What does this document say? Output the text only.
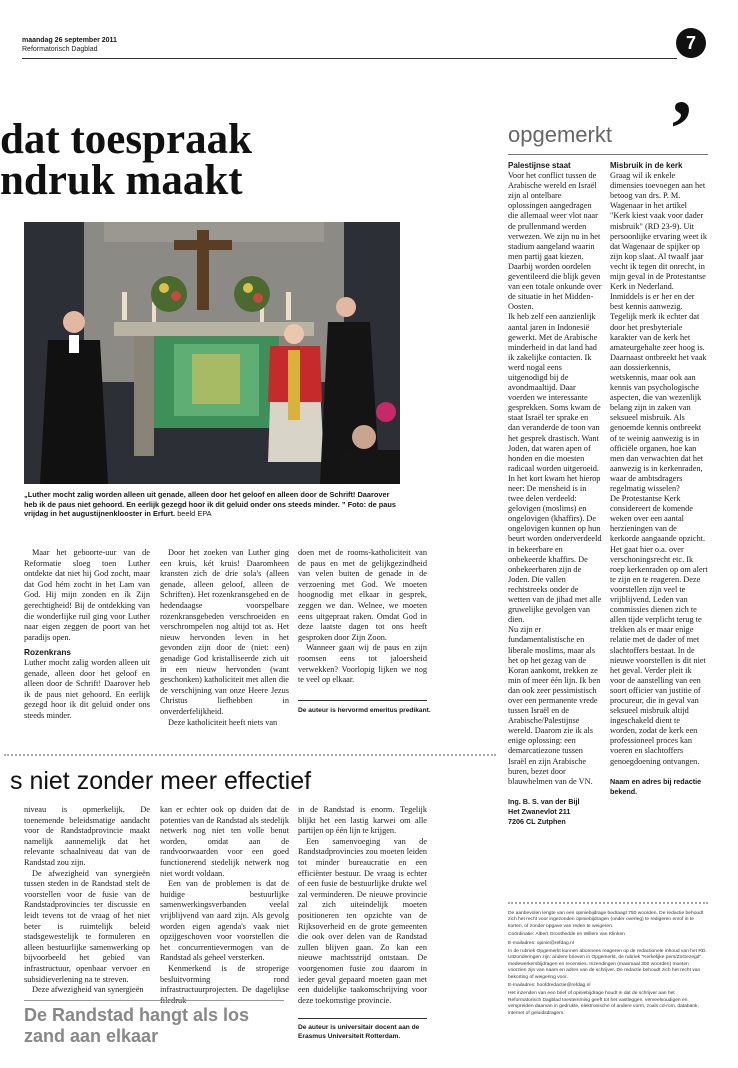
maandag 26 september 2011
Reformatorisch Dagblad	7
,
dat toespraak
ndruk maakt
„Luther mocht zalig worden alleen uit genade, alleen door het geloof en alleen door de Schrift! Daarover heb ik de paus niet gehoord. En eerlijk gezegd hoor ik dit geluid onder ons steeds minder. ” Foto: de paus vrijdag in het augustijnenklooster in Erfurt. beeld EPA

Maar het geboorte-uur van de Reformatie sloeg toen Luther ontdekte dat niet hij God zocht, maar dat God hém zocht in het Lam van God. Hij mijn zonden en ík Zijn gerechtigheid! Bij de ontdekking van die wonderlijke ruil ging voor Luther naar eigen zeggen de poort van het paradijs open.

Rozenkrans

Luther mocht zalig worden alleen uit genade, alleen door het geloof en alleen door de Schrift! Daarover heb ik de paus niet gehoord. En eerlijk gezegd hoor ik dit geluid onder ons steeds minder.

Door het zoeken van Luther ging een kruis, két kruis! Daaromheen kransten zich de drie sola's (alleen genade, alleen geloof, alleen de Schriften). Het rozenkransgebed en de hedendaagse voorspelbare rozenkransgebeden verschroeiden en verschrompelen nog altijd tot as. Het nieuw hervonden leven in het gevonden zijn door de (niet: een) genadige God kristalliseerde zich uit in een nieuw hervonden (want geschonken) katholiciteit met allen die de verschijning van onze Heere Jezus Christus liefhebben in onverderfelijkheid.

Deze katholiciteit heeft niets van

doen met de rooms-katholiciteit van de paus en met de gelijkgezindheid van velen buiten de genade in de verzoening met God. We moeten hoognodig met elkaar in gesprek, zeggen we dan. Welnee, we moeten eens uitgepraat raken. Omdat God in deze laatste dagen tot ons heeft gesproken door Zijn Zoon.

Wanneer gaan wij de paus en zijn roomsen eens tot jaloersheid verwekken? Voorlopig lijken we nog te veel op elkaar.

De auteur is hervormd emeritus predikant.
s niet zonder meer effectief

niveau is opmerkelijk. De toenemende beleidsmatige aandacht voor de Randstadprovincie maakt namelijk aannemelijk dat het relevante schaalniveau dat van de Randstad zou zijn.

De afwezigheid van synergieën tussen steden in de Randstad stelt de voorstellen voor de fusie van de Randstadprovincies ter discussie en leidt tevens tot de vraag of het niet beter is ruimtelijk beleid stadsgewestelijk te formuleren en alleen bestuurlijke samenwerking op bijvoorbeeld het gebied van infrastructuur, openbaar vervoer en subsidieverlening na te streven.

Deze afwezigheid van synergieën

kan er echter ook op duiden dat de potenties van de Randstad als stedelijk netwerk nog niet ten volle benut worden, omdat aan de randvoorwaarden voor een goed functionerend stedelijk netwerk nog niet wordt voldaan.

Een van de problemen is dat de huidige bestuurlijke samenwerkingsverbanden veelal vrijblijvend van aard zijn. Als gevolg worden eigen agenda's vaak niet opzijgeschoven voor voorstellen die het concurrentievermogen van de Randstad als geheel versterken.

Kenmerkend is de stroperige besluitvorming rond infrastructuurprojecten. De dagelijkse filedruk

in de Randstad is enorm. Tegelijk blijkt het een lastig karwei om alle partijen op één lijn te krijgen.

Een samenvoeging van de Randstadprovincies zou moeten leiden tot minder bureaucratie en een efficiënter bestuur. De vraag is echter of een fusie de bestuurlijke drukte wel zal verminderen. De nieuwe provincie zal zich uiteindelijk moeten positioneren ten opzichte van de Rijksoverheid en de grote gemeenten die ook over delen van de Randstad zullen blijven gaan. Zo kan een nieuwe machtsstrijd ontstaan. De voorgenomen fusie zou daarom in ieder geval gepaard moeten gaan met een duidelijke taakomschrijving voor deze toekomstige provincie.

De auteur is universitair docent aan de
Erasmus Universiteit Rotterdam.
De Randstad hangt als los zand aan elkaar
opgemerkt
Palestijnse staat

Voor het conflict tussen de Arabische wereld en Israël zijn al ontelbare oplossingen aangedragen die allemaal weer vlot naar de prullenmand werden verwezen. We zijn nu in het stadium aangeland waarin men partij gaat kiezen. Daarbij worden oordelen geventileerd die blijk geven van een totale onkunde over de situatie in het Midden-Oosten.

Ik heb zelf een aanzienlijk aantal jaren in Indonesië gewerkt. Met de Arabische minderheid in dat land had ik zakelijke contacten. Ik werd nogal eens uitgenodigd bij de avondmaaltijd. Daar voerden we interessante gesprekken. Soms kwam de staat Israël ter sprake en dan veranderde de toon van het gesprek drastisch. Want Joden, dat waren apen of honden en die moesten radicaal worden uitgeroeid.

In het kort kwam het hierop neer: De mensheid is in twee delen verdeeld: gelovigen (moslims) en ongelovigen (khaffirs). De ongelovigen kunnen op hun beurt worden onderverdeeld in bekeerbare en onbekeerde khaffirs. De onbekeerbaren zijn de Joden. Die vallen rechtstreeks onder de wetten van de jihad met alle gruwelijke gevolgen van dien.

Nu zijn er fundamentalistische en liberale moslims, maar als het op het gezag van de Koran aankomt, trekken ze min of meer één lijn. Ik ben dan ook zeer pessimistisch over een permanente vrede tussen Israël en de Arabische/Palestijnse wereld. Daarom zie ik als enige oplossing: een demarcatiezone tussen Israël en zijn Arabische buren, bezet door blauwhelmen van de VN.

Ing. B. S. van der Bijl
Het Zwanevlot 211
7206 CL Zutphen
Misbruik in de kerk

Graag wil ik enkele dimensies toevoegen aan het betoog van drs. P. M. Wagenaar in het artikel "Kerk kiest vaak voor dader misbruik" (RD 23-9). Uit persoonlijke ervaring weet ik dat Wagenaar de spijker op zijn kop slaat. Al twaalf jaar vecht ik tegen dit onrecht, in mijn geval in de Protestantse Kerk in Nederland. Inmiddels is er her en der best kennis aanwezig. Tegelijk merk ik echter dat door het presbyteriale karakter van de kerk het amateurgehalte zeer hoog is. Daarnaast ontbreekt het vaak aan dossierkennis, wetskennis, maar ook aan kennis van psychologische aspecten, die van wezenlijk belang zijn in zaken van seksueel misbruik. Als genoemde kennis ontbreekt of te weinig aanwezig is in officiële organen, hoe kan men dan verwachten dat het aanwezig is in kerkenraden, waar de ambtsdragers regelmatig wisselen?

De Protestantse Kerk considereert de komende weken over een aantal herzieningen van de kerkorde aangaande opzicht. Het gaat hier o.a. over verschoningsrecht etc. Ik roep kerkenraden op om alert te zijn en te reageren. Deze voorstellen zijn veel te vrijblijvend. Leden van commissies dienen zich te allen tijde verplicht terug te trekken als er maar enige relatie met de dader of met slachtoffers bestaat. In de nieuwe voorstellen is dit niet het geval. Verder pleit ik voor de aanstelling van een soort officier van justitie of procureur, die in geval van seksueel misbruik altijd ingeschakeld dient te worden, zodat de kerk een professioneel proces kan voeren en slachtoffers genoegdoening ontvangen.

Naam en adres bij redactie bekend.

De aanbevolen lengte van een opiniebijdrage bedraagt 750 woorden. De redactie behoudt zich het recht voor ingezonden opiniebijdragen (onder overleg) te redigeren en/of in te korten, of zonder opgave van reden te weigeren.

Coördinatie: Albert Groothedde en Willem van Klinken

E-mailadres: opinie@refdag.nl

In de rubriek Opgemerkt kunnen abonnees reageren op de redactionele inhoud van het RD. Uitzonderingen zijn: andere brieven in Opgemerkt, de rubriek "Kerkelijke pers/ZoGezegd", medewerkersbijdragen en recensies. Inzendingen (maximaal 300 woorden) moeten voorzien zijn van naam en adres van de schrijver. De redactie behoudt zich het recht van bekorting of weigering voor.

E-mailadres: hoofdredactie@refdag.nl

Het inzenden van een brief of opiniebijdrage houdt in dat de schrijver aan het Reformatorisch Dagblad toestemming geeft tot het vastleggen, verveelvoudigen en verspreiden daarvan in gedrukte, elektronische of andere vorm, zoals cd-rom, databank, internet of geluidsdragers.
